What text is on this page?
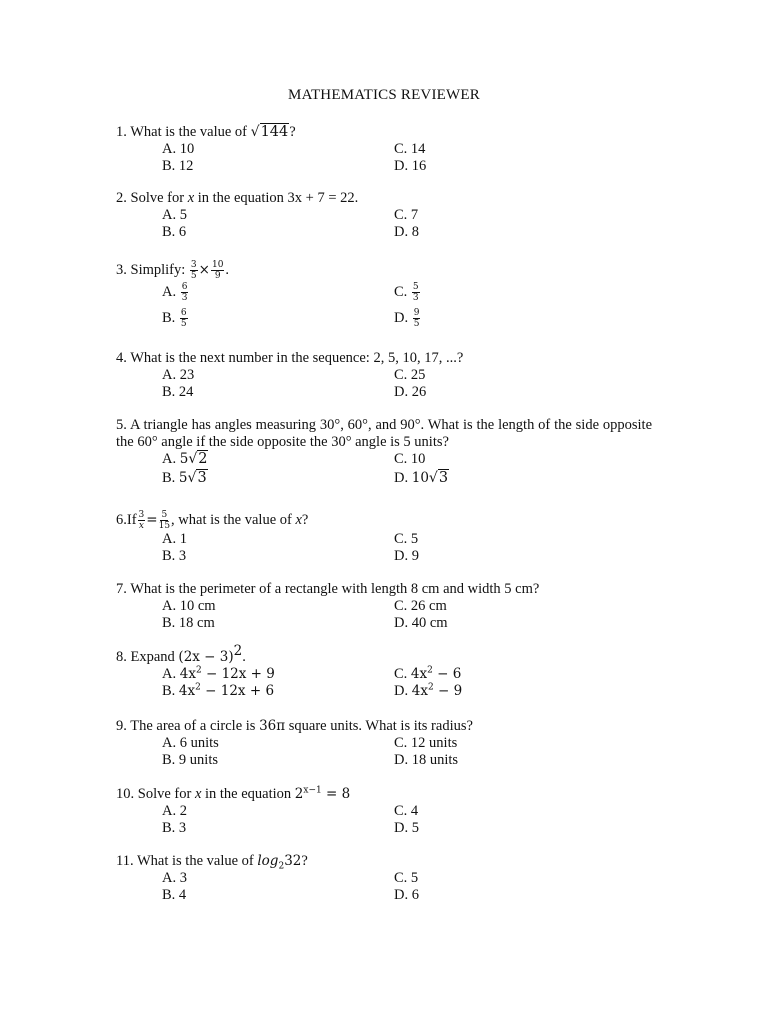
MATHEMATICS REVIEWER
1. What is the value of √144?
A. 10
B. 12
C. 14
D. 16
2. Solve for x in the equation 3x + 7 = 22.
A. 5
B. 6
C. 7
D. 8
3. Simplify: $\frac{3}{5} \times \frac{10}{9}$ .
A. $\frac{6}{3}$
B. $\frac{6}{5}$
C. $\frac{5}{3}$
D. $\frac{9}{5}$
4. What is the next number in the sequence: 2, 5, 10, 17, ...?
A. 23
B. 24
C. 25
D. 26
5. A triangle has angles measuring 30°, 60°, and 90°. What is the length of the side opposite the 60° angle if the side opposite the 30° angle is 5 units?
A. 5√2
B. 5√3
C. 10
D. 10√3
$6.If \frac{3}{x} = \frac{5}{15}$ , what is the value of x?
A. 1
B. 3
C. 5
D. 9
7. What is the perimeter of a rectangle with length 8 cm and width 5 cm?
A. 10 cm
B. 18 cm
C. 26 cm
D. 40 cm
8. Expand $(2x - 3)^2$.
A. $4x^2 - 12x + 9$
B. $4x^2 - 12x + 6$
C. $4x^2 - 6$
D. $4x^2 - 9$
9. The area of a circle is 36π square units. What is its radius?
A. 6 units
B. 9 units
C. 12 units
D. 18 units
10. Solve for x in the equation $2^{x-1} = 8$
A. 2
B. 3
C. 4
D. 5
11. What is the value of $\log_232$?
A. 3
B. 4
C. 5
D. 6
